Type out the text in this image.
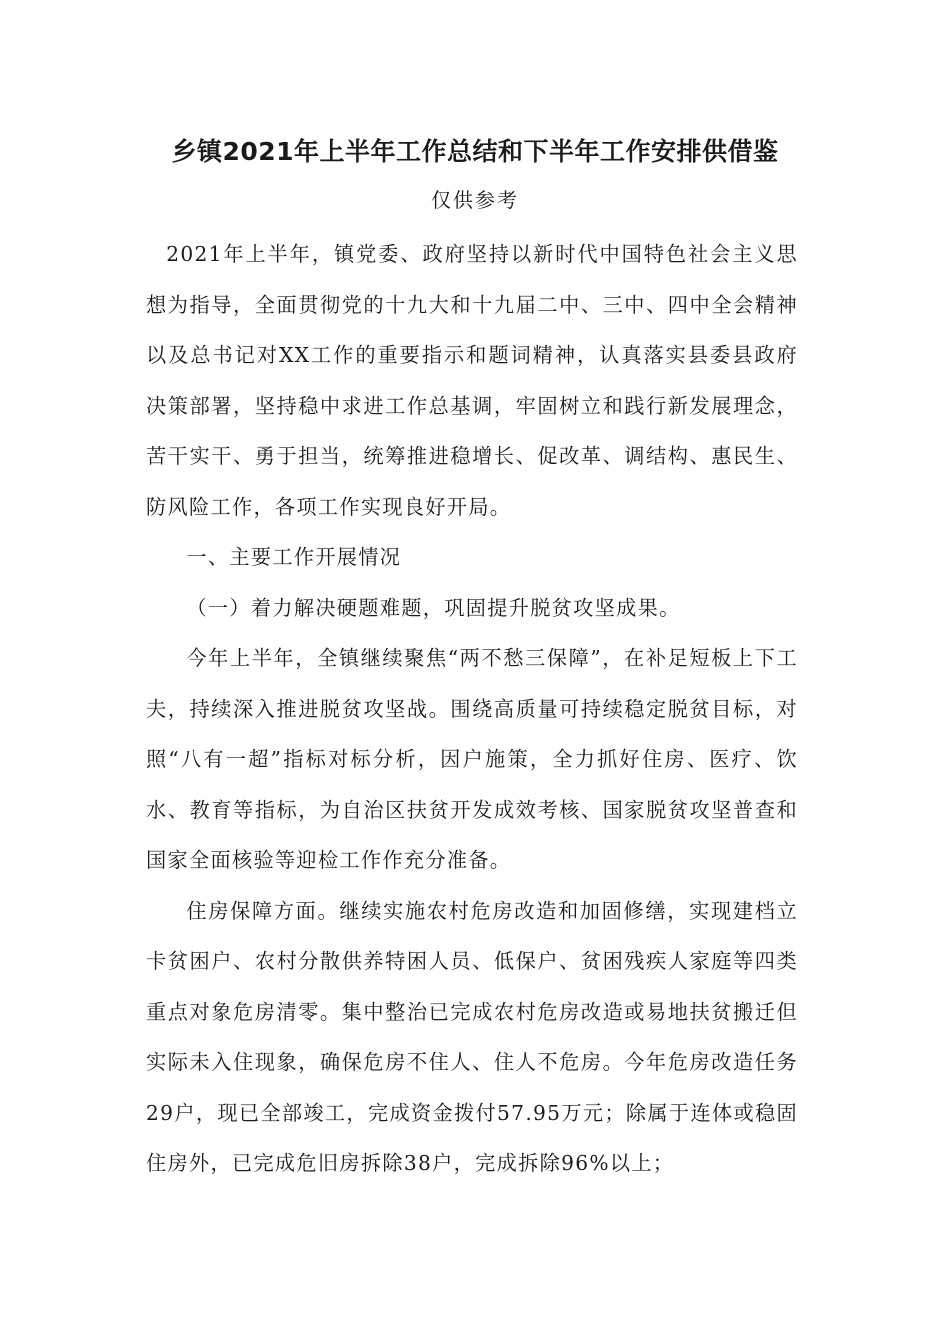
乡镇2021年上半年工作总结和下半年工作安排供借鉴
仅供参考

2021年上半年，镇党委、政府坚持以新时代中国特色社会主义思想为指导，全面贯彻党的十九大和十九届二中、三中、四中全会精神以及总书记对XX工作的重要指示和题词精神，认真落实县委县政府决策部署，坚持稳中求进工作总基调，牢固树立和践行新发展理念，苦干实干、勇于担当，统筹推进稳增长、促改革、调结构、惠民生、防风险工作，各项工作实现良好开局。

一、主要工作开展情况

（一）着力解决硬题难题，巩固提升脱贫攻坚成果。

今年上半年，全镇继续聚焦“两不愁三保障”，在补足短板上下工夫，持续深入推进脱贫攻坚战。围绕高质量可持续稳定脱贫目标，对照“八有一超”指标对标分析，因户施策，全力抓好住房、医疗、饮水、教育等指标，为自治区扶贫开发成效考核、国家脱贫攻坚普查和国家全面核验等迎检工作作充分准备。

住房保障方面。继续实施农村危房改造和加固修缮，实现建档立卡贫困户、农村分散供养特困人员、低保户、贫困残疾人家庭等四类重点对象危房清零。集中整治已完成农村危房改造或易地扶贫搬迁但实际未入住现象，确保危房不住人、住人不危房。今年危房改造任务29户，现已全部竣工，完成资金拨付57.95万元；除属于连体或稳固住房外，已完成危旧房拆除38户，完成拆除96%以上；
